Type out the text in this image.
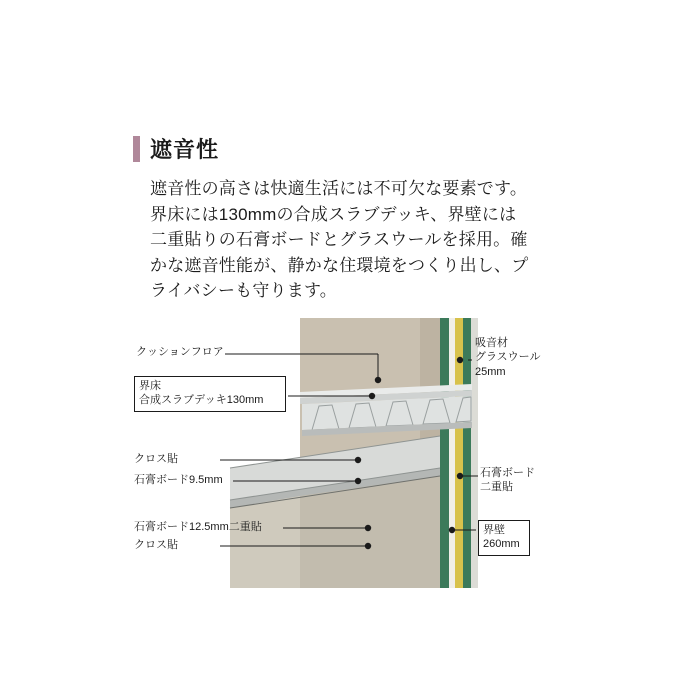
遮音性
遮音性の高さは快適生活には不可欠な要素です。
界床には130mmの合成スラブデッキ、界壁には
二重貼りの石膏ボードとグラスウールを採用。確
かな遮音性能が、静かな住環境をつくり出し、プ
ライバシーも守ります。
クッションフロア
界床
合成スラブデッキ130mm
クロス貼
石膏ボード9.5mm
石膏ボード12.5mm二重貼
クロス貼
吸音材
グラスウール
25mm
石膏ボード
二重貼
界壁
260mm
